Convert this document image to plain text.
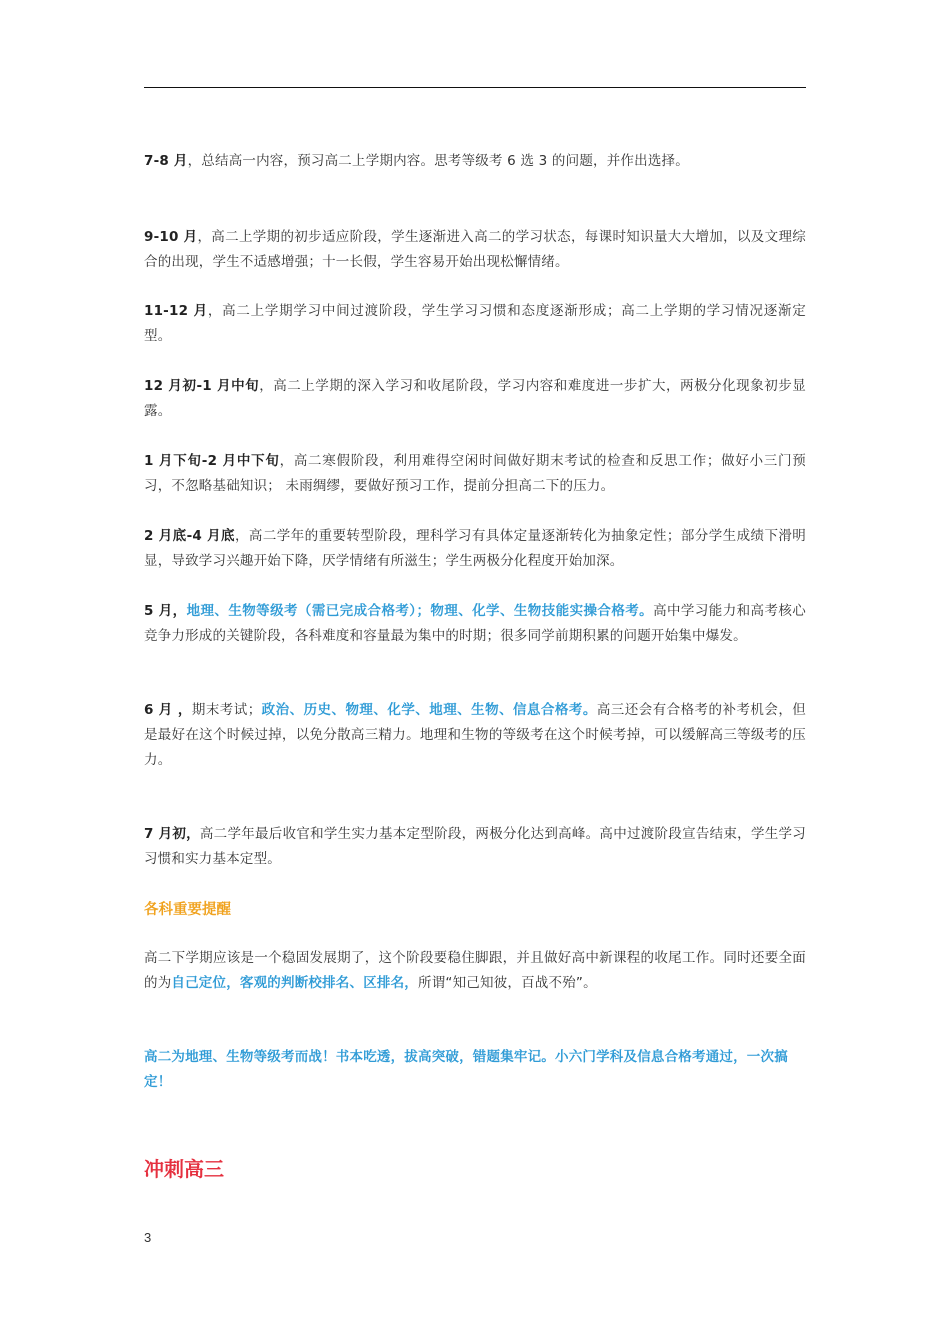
7-8 月，总结高一内容，预习高二上学期内容。思考等级考 6 选 3 的问题，并作出选择。

9-10 月，高二上学期的初步适应阶段，学生逐渐进入高二的学习状态，每课时知识量大大增加，以及文理综合的出现，学生不适感增强；十一长假，学生容易开始出现松懈情绪。

11-12 月，高二上学期学习中间过渡阶段，学生学习习惯和态度逐渐形成；高二上学期的学习情况逐渐定型。

12 月初-1 月中旬，高二上学期的深入学习和收尾阶段，学习内容和难度进一步扩大，两极分化现象初步显露。

1 月下旬-2 月中下旬，高二寒假阶段，利用难得空闲时间做好期末考试的检查和反思工作；做好小三门预习，不忽略基础知识； 未雨绸缪，要做好预习工作，提前分担高二下的压力。

2 月底-4 月底，高二学年的重要转型阶段，理科学习有具体定量逐渐转化为抽象定性；部分学生成绩下滑明显，导致学习兴趣开始下降，厌学情绪有所滋生；学生两极分化程度开始加深。

5 月，地理、生物等级考（需已完成合格考）；物理、化学、生物技能实操合格考。高中学习能力和高考核心竞争力形成的关键阶段，各科难度和容量最为集中的时期；很多同学前期积累的问题开始集中爆发。

6 月 ，期末考试；政治、历史、物理、化学、地理、生物、信息合格考。高三还会有合格考的补考机会，但是最好在这个时候过掉，以免分散高三精力。地理和生物的等级考在这个时候考掉，可以缓解高三等级考的压力。

7 月初，高二学年最后收官和学生实力基本定型阶段，两极分化达到高峰。高中过渡阶段宣告结束，学生学习习惯和实力基本定型。

各科重要提醒

高二下学期应该是一个稳固发展期了，这个阶段要稳住脚跟，并且做好高中新课程的收尾工作。同时还要全面的为自己定位，客观的判断校排名、区排名，所谓“知己知彼，百战不殆”。

高二为地理、生物等级考而战！书本吃透，拔高突破，错题集牢记。小六门学科及信息合格考通过，一次搞定！

冲刺高三
3
